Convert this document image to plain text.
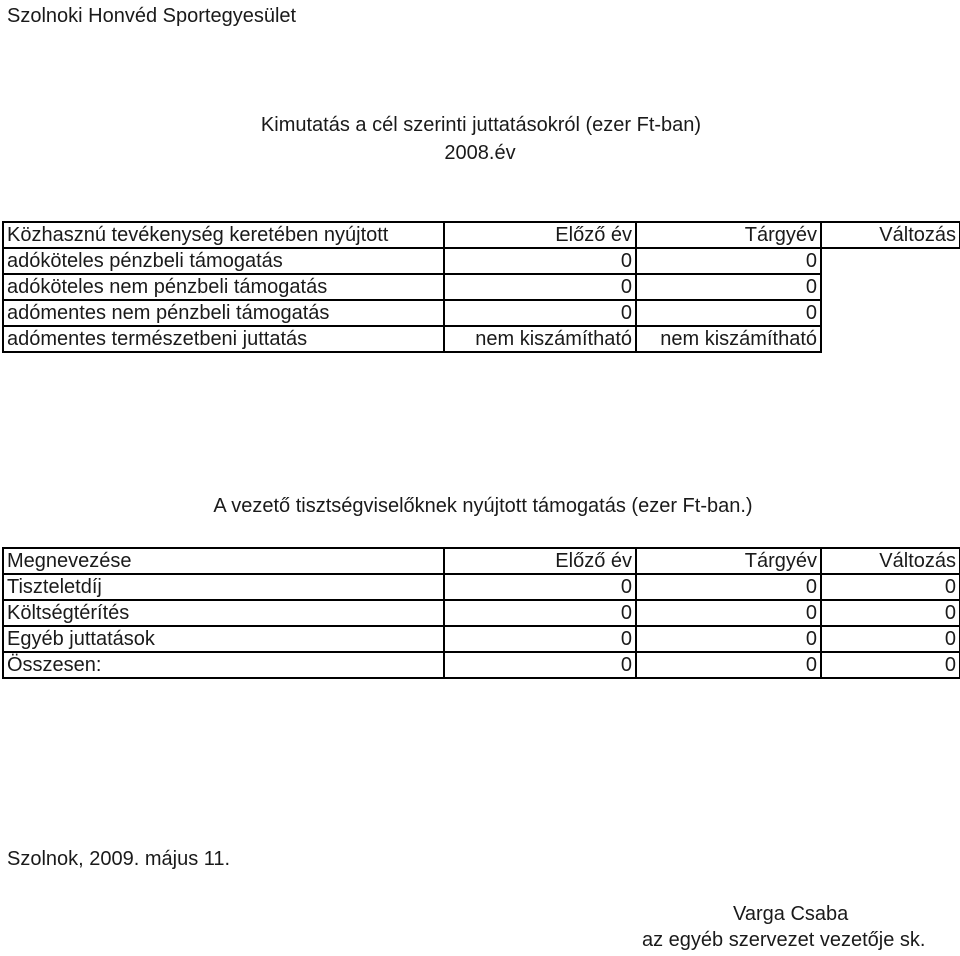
Szolnoki Honvéd Sportegyesület
Kimutatás a cél szerinti juttatásokról (ezer Ft-ban)
2008.év
Közhasznú tevékenység keretében nyújtott	Előző év	Tárgyév	Változás
adóköteles pénzbeli támogatás	0	0	
adóköteles nem pénzbeli támogatás	0	0	
adómentes nem pénzbeli támogatás	0	0	
adómentes természetbeni juttatás	nem kiszámítható	nem kiszámítható	
A vezető tisztségviselőknek nyújtott támogatás (ezer Ft-ban.)
Megnevezése	Előző év	Tárgyév	Változás
Tiszteletdíj	0	0	0
Költségtérítés	0	0	0
Egyéb juttatások	0	0	0
Összesen:	0	0	0
Szolnok, 2009. május 11.
Varga Csaba
az egyéb szervezet vezetője sk.
